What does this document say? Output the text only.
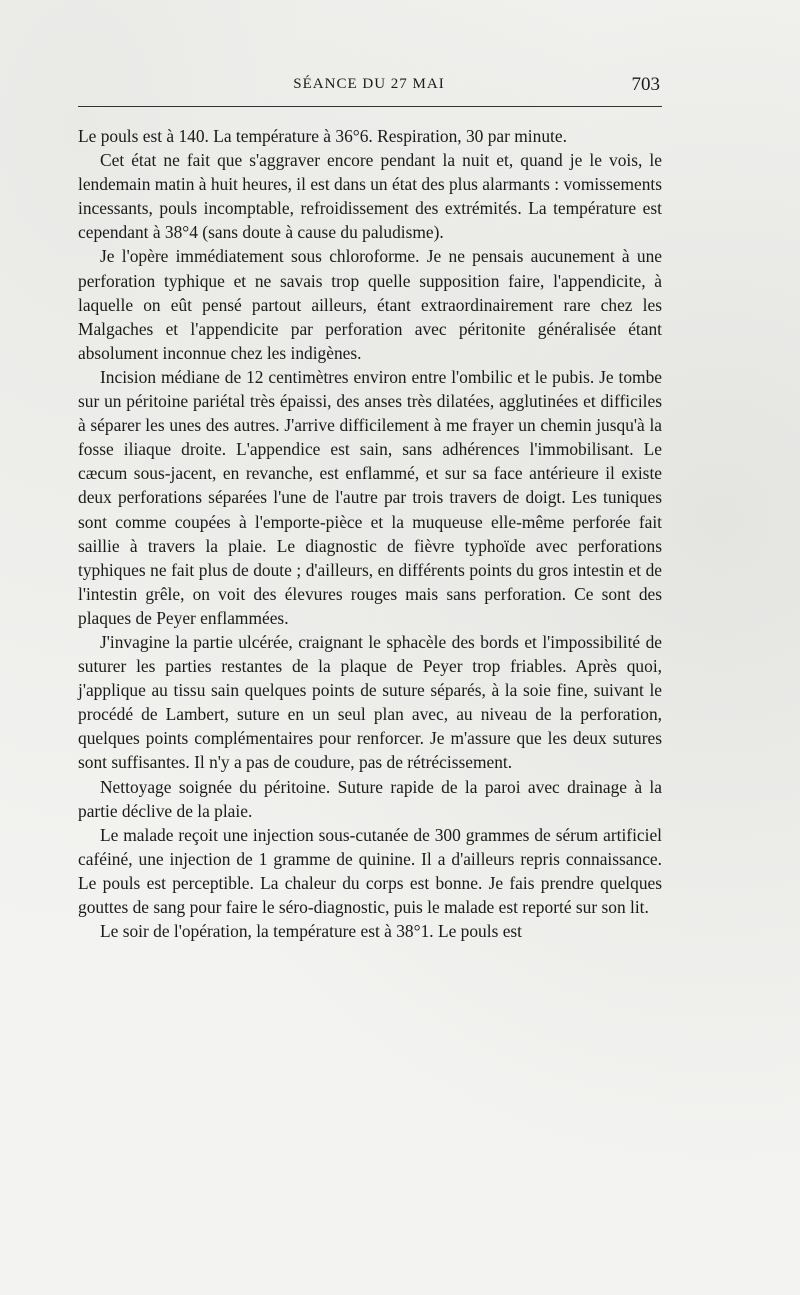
SÉANCE DU 27 MAI	703

Le pouls est à 140. La température à 36°6. Respiration, 30 par minute.

Cet état ne fait que s'aggraver encore pendant la nuit et, quand je le vois, le lendemain matin à huit heures, il est dans un état des plus alarmants : vomissements incessants, pouls incomptable, refroidissement des extrémités. La température est cependant à 38°4 (sans doute à cause du paludisme).

Je l'opère immédiatement sous chloroforme. Je ne pensais aucunement à une perforation typhique et ne savais trop quelle supposition faire, l'appendicite, à laquelle on eût pensé partout ailleurs, étant extraordinairement rare chez les Malgaches et l'appendicite par perforation avec péritonite généralisée étant absolument inconnue chez les indigènes.

Incision médiane de 12 centimètres environ entre l'ombilic et le pubis. Je tombe sur un péritoine pariétal très épaissi, des anses très dilatées, agglutinées et difficiles à séparer les unes des autres. J'arrive difficilement à me frayer un chemin jusqu'à la fosse iliaque droite. L'appendice est sain, sans adhérences l'immobilisant. Le cæcum sous-jacent, en revanche, est enflammé, et sur sa face antérieure il existe deux perforations séparées l'une de l'autre par trois travers de doigt. Les tuniques sont comme coupées à l'emporte-pièce et la muqueuse elle-même perforée fait saillie à travers la plaie. Le diagnostic de fièvre typhoïde avec perforations typhiques ne fait plus de doute ; d'ailleurs, en différents points du gros intestin et de l'intestin grêle, on voit des élevures rouges mais sans perforation. Ce sont des plaques de Peyer enflammées.

J'invagine la partie ulcérée, craignant le sphacèle des bords et l'impossibilité de suturer les parties restantes de la plaque de Peyer trop friables. Après quoi, j'applique au tissu sain quelques points de suture séparés, à la soie fine, suivant le procédé de Lambert, suture en un seul plan avec, au niveau de la perforation, quelques points complémentaires pour renforcer. Je m'assure que les deux sutures sont suffisantes. Il n'y a pas de coudure, pas de rétrécissement.

Nettoyage soignée du péritoine. Suture rapide de la paroi avec drainage à la partie déclive de la plaie.

Le malade reçoit une injection sous-cutanée de 300 grammes de sérum artificiel caféiné, une injection de 1 gramme de quinine. Il a d'ailleurs repris connaissance. Le pouls est perceptible. La chaleur du corps est bonne. Je fais prendre quelques gouttes de sang pour faire le séro-diagnostic, puis le malade est reporté sur son lit.

Le soir de l'opération, la température est à 38°1. Le pouls est
